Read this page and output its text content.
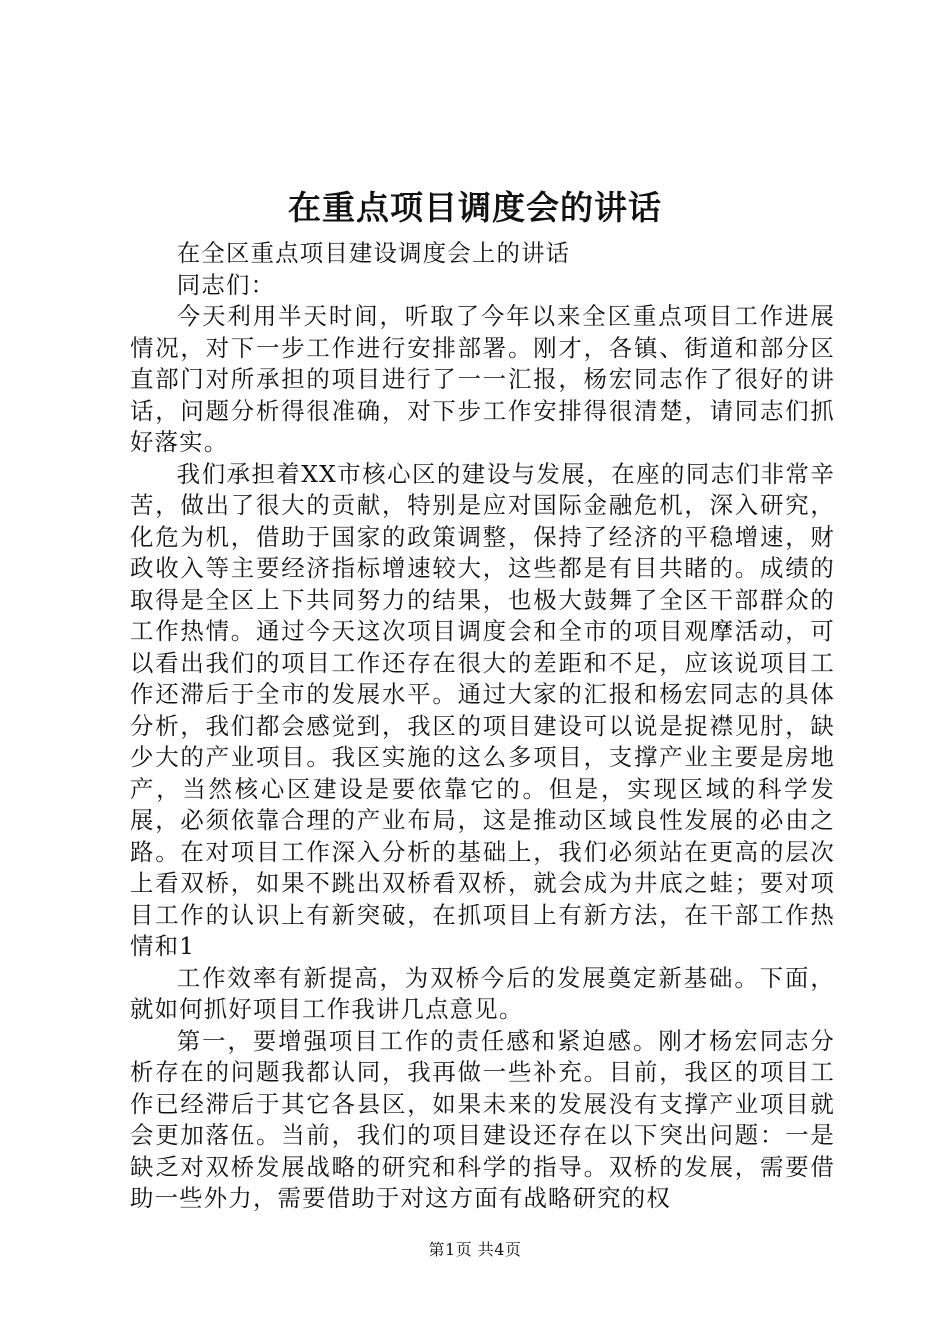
在重点项目调度会的讲话

在全区重点项目建设调度会上的讲话

同志们：

今天利用半天时间，听取了今年以来全区重点项目工作进展情况，对下一步工作进行安排部署。刚才，各镇、街道和部分区直部门对所承担的项目进行了一一汇报，杨宏同志作了很好的讲话，问题分析得很准确，对下步工作安排得很清楚，请同志们抓好落实。

我们承担着XX市核心区的建设与发展，在座的同志们非常辛苦，做出了很大的贡献，特别是应对国际金融危机，深入研究，化危为机，借助于国家的政策调整，保持了经济的平稳增速，财政收入等主要经济指标增速较大，这些都是有目共睹的。成绩的取得是全区上下共同努力的结果，也极大鼓舞了全区干部群众的工作热情。通过今天这次项目调度会和全市的项目观摩活动，可以看出我们的项目工作还存在很大的差距和不足，应该说项目工作还滞后于全市的发展水平。通过大家的汇报和杨宏同志的具体分析，我们都会感觉到，我区的项目建设可以说是捉襟见肘，缺少大的产业项目。我区实施的这么多项目，支撑产业主要是房地产，当然核心区建设是要依靠它的。但是，实现区域的科学发展，必须依靠合理的产业布局，这是推动区域良性发展的必由之路。在对项目工作深入分析的基础上，我们必须站在更高的层次上看双桥，如果不跳出双桥看双桥，就会成为井底之蛙；要对项目工作的认识上有新突破，在抓项目上有新方法，在干部工作热情和1

工作效率有新提高，为双桥今后的发展奠定新基础。下面，就如何抓好项目工作我讲几点意见。

第一，要增强项目工作的责任感和紧迫感。刚才杨宏同志分析存在的问题我都认同，我再做一些补充。目前，我区的项目工作已经滞后于其它各县区，如果未来的发展没有支撑产业项目就会更加落伍。当前，我们的项目建设还存在以下突出问题：一是缺乏对双桥发展战略的研究和科学的指导。双桥的发展，需要借助一些外力，需要借助于对这方面有战略研究的权

第1页 共4页
